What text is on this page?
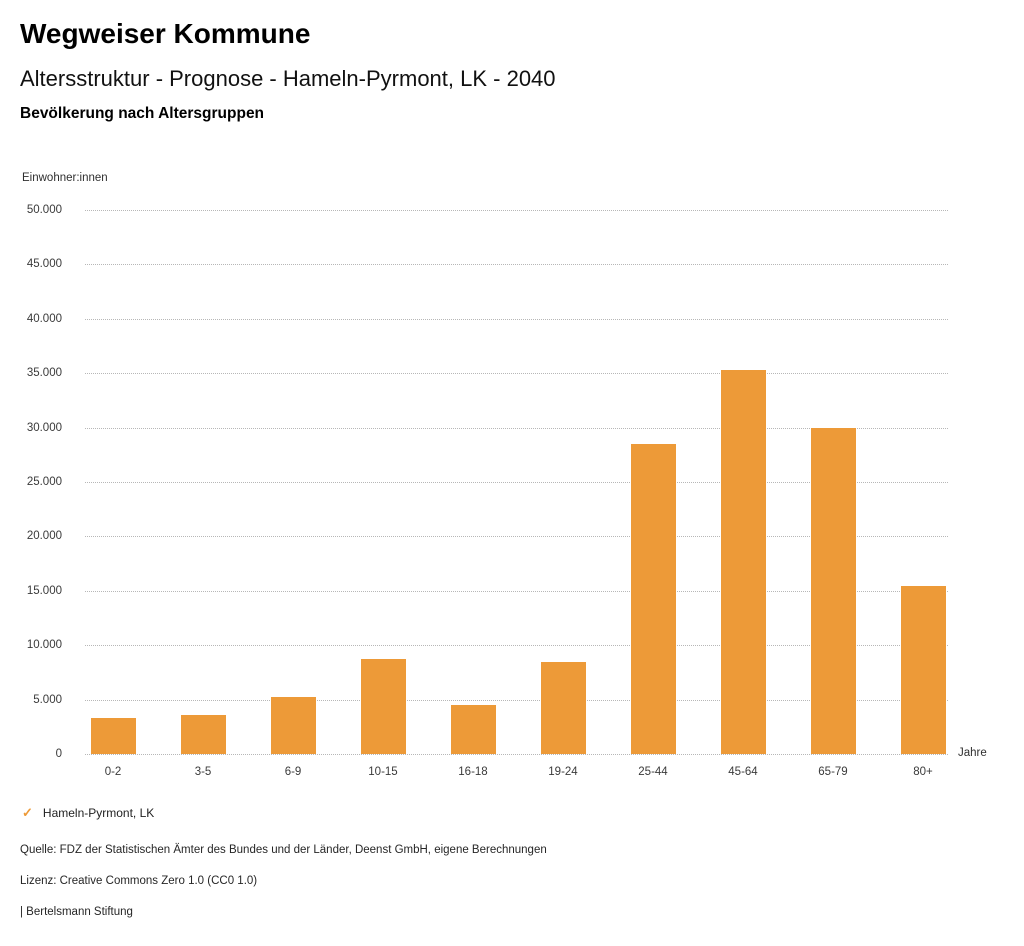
Wegweiser Kommune
Altersstruktur - Prognose - Hameln-Pyrmont, LK - 2040
Bevölkerung nach Altersgruppen
Einwohner:innen
0
5.000
10.000
15.000
20.000
25.000
30.000
35.000
40.000
45.000
50.000
0-2	3-5	6-9	10-15	16-18	19-24	25-44	45-64	65-79	80+
Jahre
✓ Hameln-Pyrmont, LK

Quelle: FDZ der Statistischen Ämter des Bundes und der Länder, Deenst GmbH, eigene Berechnungen

Lizenz: Creative Commons Zero 1.0 (CC0 1.0)

| Bertelsmann Stiftung
